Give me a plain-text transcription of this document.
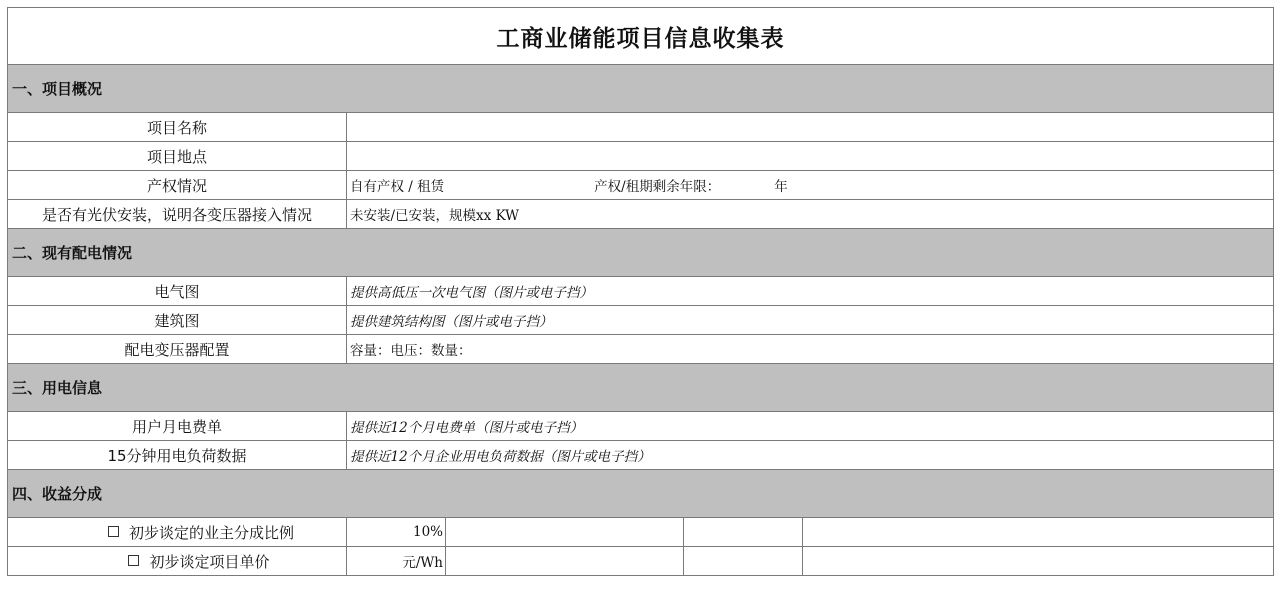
工商业储能项目信息收集表				
一、项目概况				
项目名称				
项目地点				
产权情况	自有产权 / 租赁 产权/租期剩余年限： 年			
是否有光伏安装，说明各变压器接入情况	未安装/已安装，规模xx KW			
二、现有配电情况				
电气图	提供高低压一次电气图（图片或电子挡）			
建筑图	提供建筑结构图（图片或电子挡）			
配电变压器配置	容量：电压：数量：			
三、用电信息				
用户月电费单	提供近12个月电费单（图片或电子挡）			
15分钟用电负荷数据	提供近12个月企业用电负荷数据（图片或电子挡）			
四、收益分成				
初步谈定的业主分成比例	10%			
初步谈定项目单价	元/Wh			
